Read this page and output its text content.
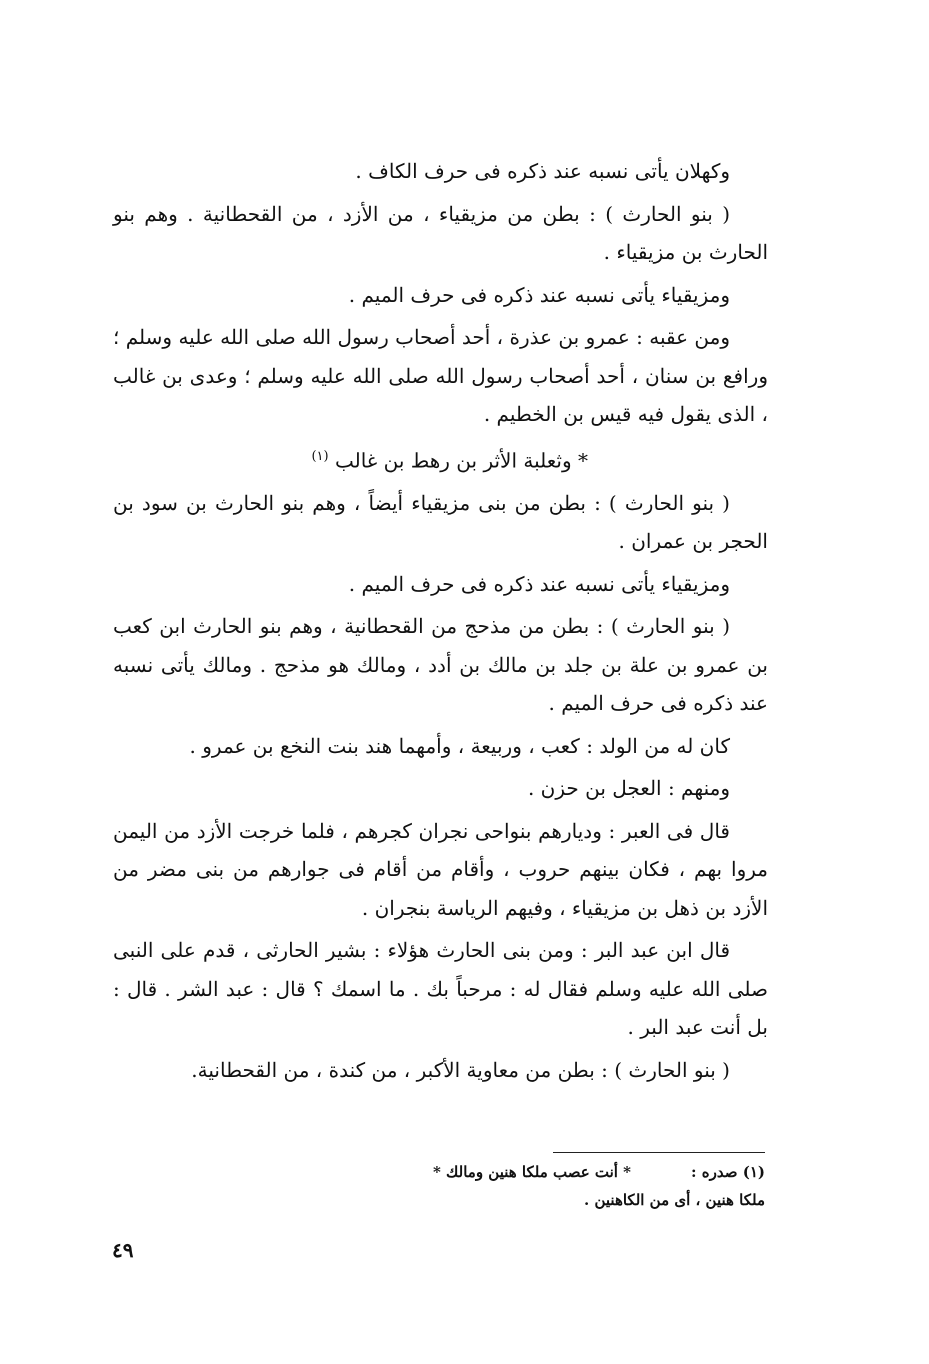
وكهلان يأتى نسبه عند ذكره فى حرف الكاف .

( بنو الحارث ) : بطن من مزيقياء ، من الأزد ، من القحطانية . وهم بنو الحارث بن مزيقياء .

ومزيقياء يأتى نسبه عند ذكره فى حرف الميم .

ومن عقبه : عمرو بن عذرة ، أحد أصحاب رسول الله صلى الله عليه وسلم ؛ ورافع بن سنان ، أحد أصحاب رسول الله صلى الله عليه وسلم ؛ وعدى بن غالب ، الذى يقول فيه قيس بن الخطيم .

* وثعلبة الأثر بن رهط بن غالب $^{(١)}$

( بنو الحارث ) : بطن من بنى مزيقياء أيضاً ، وهم بنو الحارث بن سود بن الحجر بن عمران .

ومزيقياء يأتى نسبه عند ذكره فى حرف الميم .

( بنو الحارث ) : بطن من مذحج من القحطانية ، وهم بنو الحارث ابن كعب بن عمرو بن علة بن جلد بن مالك بن أدد ، ومالك هو مذحج . ومالك يأتى نسبه عند ذكره فى حرف الميم .

كان له من الولد : كعب ، وربيعة ، وأمهما هند بنت النخع بن عمرو .

ومنهم : العجل بن حزن .

قال فى العبر : وديارهم بنواحى نجران كجرهم ، فلما خرجت الأزد من اليمن مروا بهم ، فكان بينهم حروب ، وأقام من أقام فى جوارهم من بنى مضر من الأزد بن ذهل بن مزيقياء ، وفيهم الرياسة بنجران .

قال ابن عبد البر : ومن بنى الحارث هؤلاء : بشير الحارثى ، قدم على النبى صلى الله عليه وسلم فقال له : مرحباً بك . ما اسمك ؟ قال : عبد الشر . قال : بل أنت عبد البر .

( بنو الحارث ) : بطن من معاوية الأكبر ، من كندة ، من القحطانية.

(١) صدره :
* أنت عصب ملكا هنين ومالك *
ملكا هنين ، أى من الكاهنين .
٤٩
